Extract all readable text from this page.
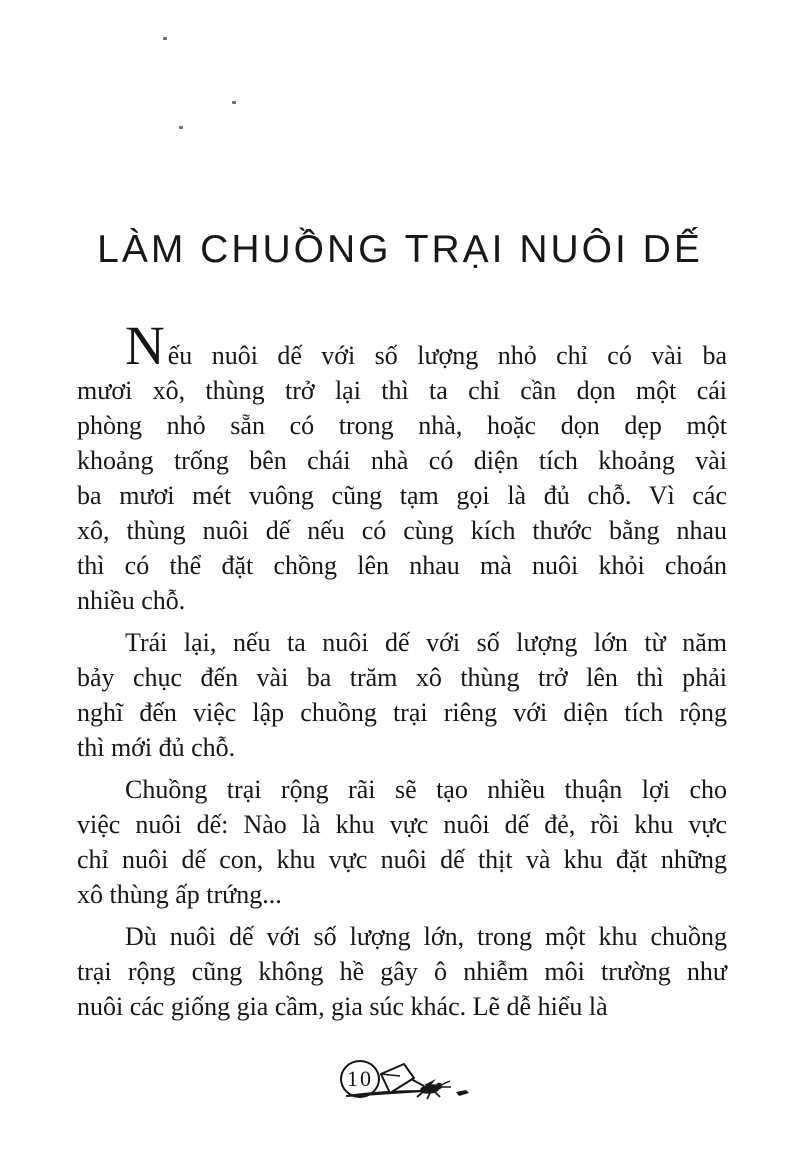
LÀM CHUỒNG TRẠI NUÔI DẾ
Nếu nuôi dế với số lượng nhỏ chỉ có vài ba
mươi xô, thùng trở lại thì ta chỉ cần dọn một cái
phòng nhỏ sẵn có trong nhà, hoặc dọn dẹp một
khoảng trống bên chái nhà có diện tích khoảng vài
ba mươi mét vuông cũng tạm gọi là đủ chỗ. Vì các
xô, thùng nuôi dế nếu có cùng kích thước bằng nhau
thì có thể đặt chồng lên nhau mà nuôi khỏi choán
nhiều chỗ.
Trái lại, nếu ta nuôi dế với số lượng lớn từ năm
bảy chục đến vài ba trăm xô thùng trở lên thì phải
nghĩ đến việc lập chuồng trại riêng với diện tích rộng
thì mới đủ chỗ.
Chuồng trại rộng rãi sẽ tạo nhiều thuận lợi cho
việc nuôi dế: Nào là khu vực nuôi dế đẻ, rồi khu vực
chỉ nuôi dế con, khu vực nuôi dế thịt và khu đặt những
xô thùng ấp trứng...
Dù nuôi dế với số lượng lớn, trong một khu chuồng
trại rộng cũng không hề gây ô nhiễm môi trường như
nuôi các giống gia cầm, gia súc khác. Lẽ dễ hiểu là
10
